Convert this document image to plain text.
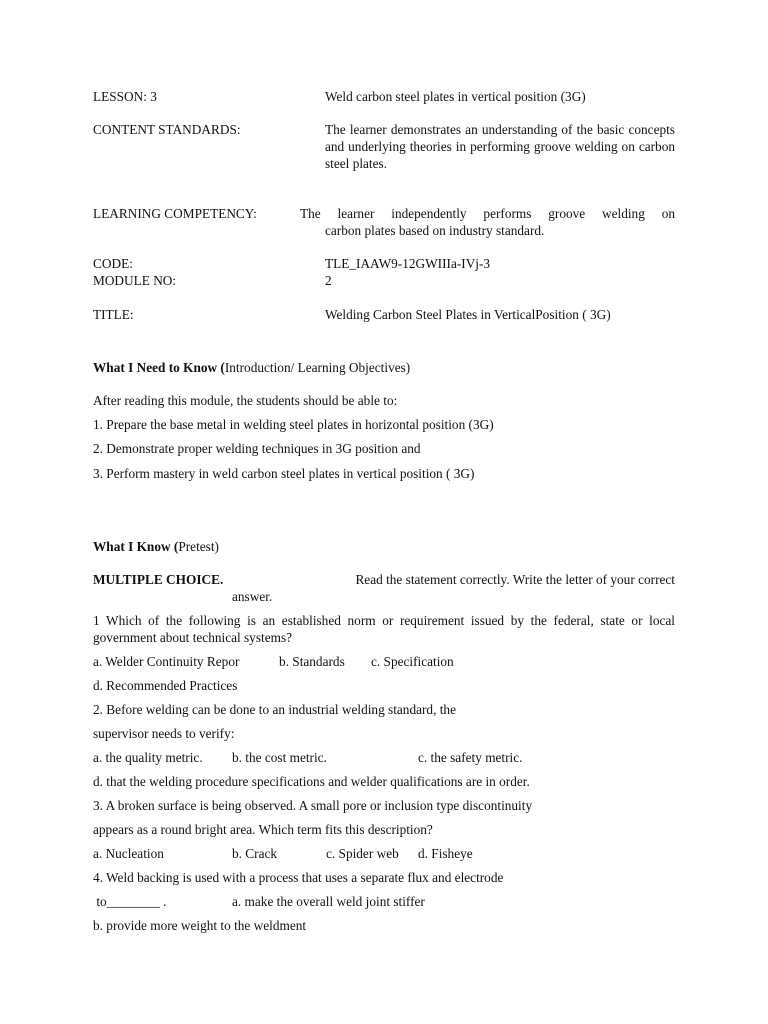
LESSON: 3	Weld carbon steel plates in vertical position (3G)
CONTENT STANDARDS:	The learner demonstrates an understanding of the basic concepts and underlying theories in performing groove welding on carbon steel plates.
LEARNING COMPETENCY:	The learner independently performs groove welding on
carbon plates based on industry standard.
CODE:	TLE_IAAW9-12GWIIIa-IVj-3
MODULE NO:	2
TITLE:	Welding Carbon Steel Plates in VerticalPosition ( 3G)
What I Need to Know (Introduction/ Learning Objectives)
After reading this module, the students should be able to:
1. Prepare the base metal in welding steel plates in horizontal position (3G)
2. Demonstrate proper welding techniques in 3G position and
3. Perform mastery in weld carbon steel plates in vertical position ( 3G)
What I Know (Pretest)
MULTIPLE CHOICE.	Read the statement correctly. Write the letter of your correct
answer.
1 Which of the following is an established norm or requirement issued by the federal, state or local government about technical systems?
a. Welder Continuity Repor	b. Standards c. Specification
d. Recommended Practices
2. Before welding can be done to an industrial welding standard, the
supervisor needs to verify:
a. the quality metric. b. the cost metric.	c. the safety metric.
d. that the welding procedure specifications and welder qualifications are in order.
3. A broken surface is being observed. A small pore or inclusion type discontinuity
appears as a round bright area. Which term fits this description?
a. Nucleation	b. Crack	c. Spider web d. Fisheye
4. Weld backing is used with a process that uses a separate flux and electrode
to________ .	a. make the overall weld joint stiffer
b. provide more weight to the weldment
